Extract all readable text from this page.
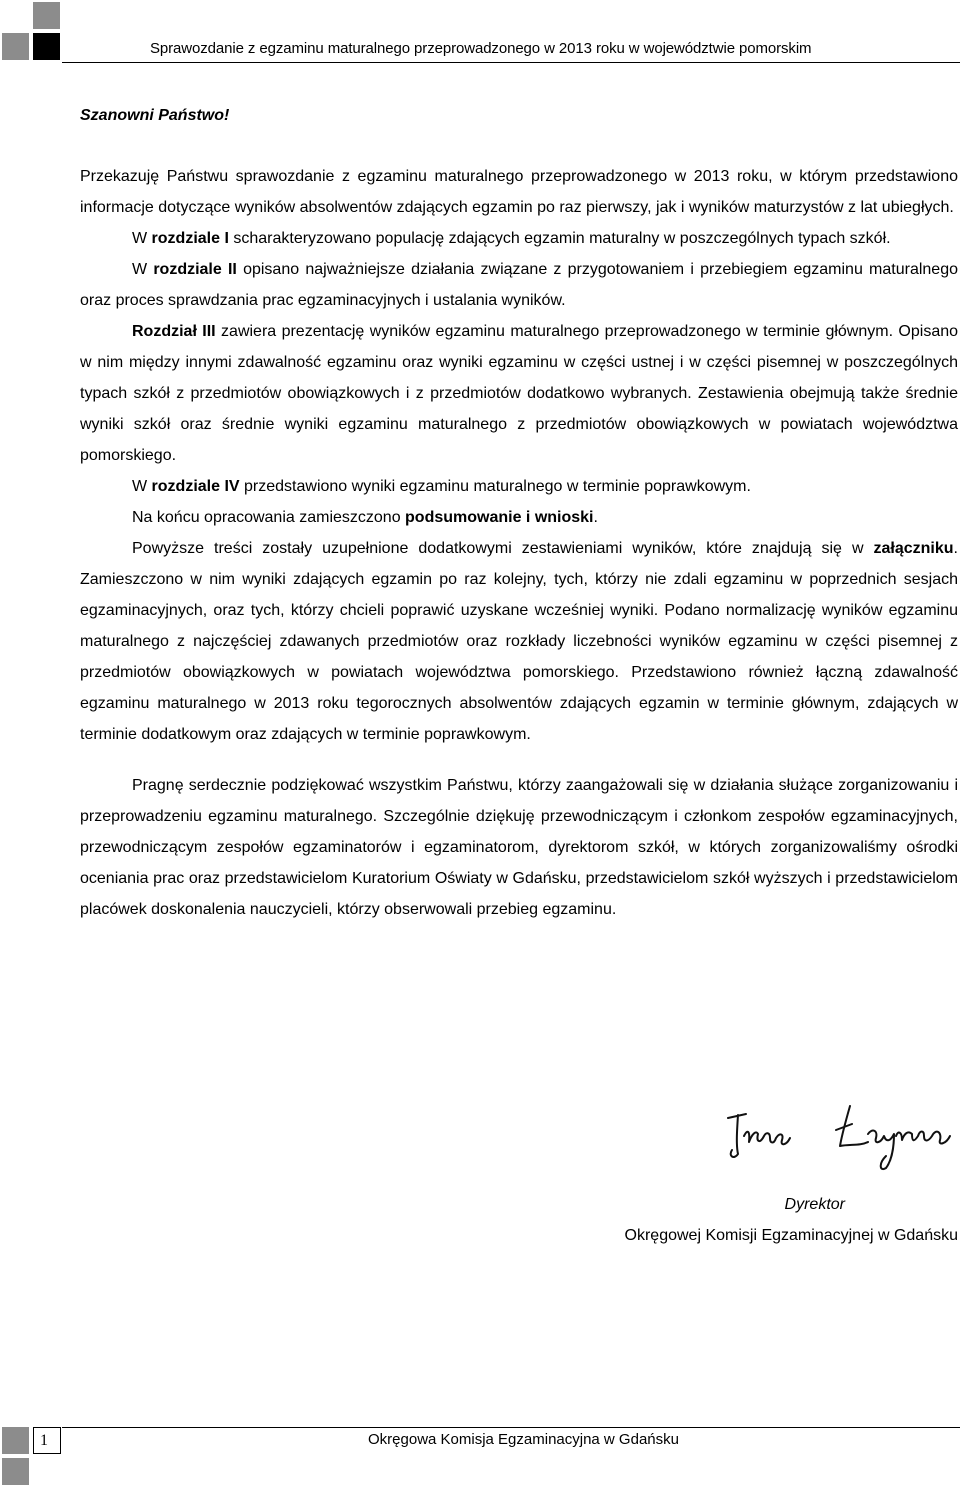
Sprawozdanie z egzaminu maturalnego przeprowadzonego w 2013 roku w województwie pomorskim

Szanowni Państwo!

Przekazuję Państwu sprawozdanie z egzaminu maturalnego przeprowadzonego w 2013 roku, w którym przedstawiono informacje dotyczące wyników absolwentów zdających egzamin po raz pierwszy, jak i wyników maturzystów z lat ubiegłych.

W rozdziale I scharakteryzowano populację zdających egzamin maturalny w poszczególnych typach szkół.

W rozdziale II opisano najważniejsze działania związane z przygotowaniem i przebiegiem egzaminu maturalnego oraz proces sprawdzania prac egzaminacyjnych i ustalania wyników.

Rozdział III zawiera prezentację wyników egzaminu maturalnego przeprowadzonego w terminie głównym. Opisano w nim między innymi zdawalność egzaminu oraz wyniki egzaminu w części ustnej i w części pisemnej w poszczególnych typach szkół z przedmiotów obowiązkowych i z przedmiotów dodatkowo wybranych. Zestawienia obejmują także średnie wyniki szkół oraz średnie wyniki egzaminu maturalnego z przedmiotów obowiązkowych w powiatach województwa pomorskiego.

W rozdziale IV przedstawiono wyniki egzaminu maturalnego w terminie poprawkowym.

Na końcu opracowania zamieszczono podsumowanie i wnioski.

Powyższe treści zostały uzupełnione dodatkowymi zestawieniami wyników, które znajdują się w załączniku. Zamieszczono w nim wyniki zdających egzamin po raz kolejny, tych, którzy nie zdali egzaminu w poprzednich sesjach egzaminacyjnych, oraz tych, którzy chcieli poprawić uzyskane wcześniej wyniki. Podano normalizację wyników egzaminu maturalnego z najczęściej zdawanych przedmiotów oraz rozkłady liczebności wyników egzaminu w części pisemnej z przedmiotów obowiązkowych w powiatach województwa pomorskiego. Przedstawiono również łączną zdawalność egzaminu maturalnego w 2013 roku tegorocznych absolwentów zdających egzamin w terminie głównym, zdających w terminie dodatkowym oraz zdających w terminie poprawkowym.

Pragnę serdecznie podziękować wszystkim Państwu, którzy zaangażowali się w działania służące zorganizowaniu i przeprowadzeniu egzaminu maturalnego. Szczególnie dziękuję przewodniczącym i członkom zespołów egzaminacyjnych, przewodniczącym zespołów egzaminatorów i egzaminatorom, dyrektorom szkół, w których zorganizowaliśmy ośrodki oceniania prac oraz przedstawicielom Kuratorium Oświaty w Gdańsku, przedstawicielom szkół wyższych i przedstawicielom placówek doskonalenia nauczycieli, którzy obserwowali przebieg egzaminu.

Dyrektor
Okręgowej Komisji Egzaminacyjnej w Gdańsku
1	Okręgowa Komisja Egzaminacyjna w Gdańsku
